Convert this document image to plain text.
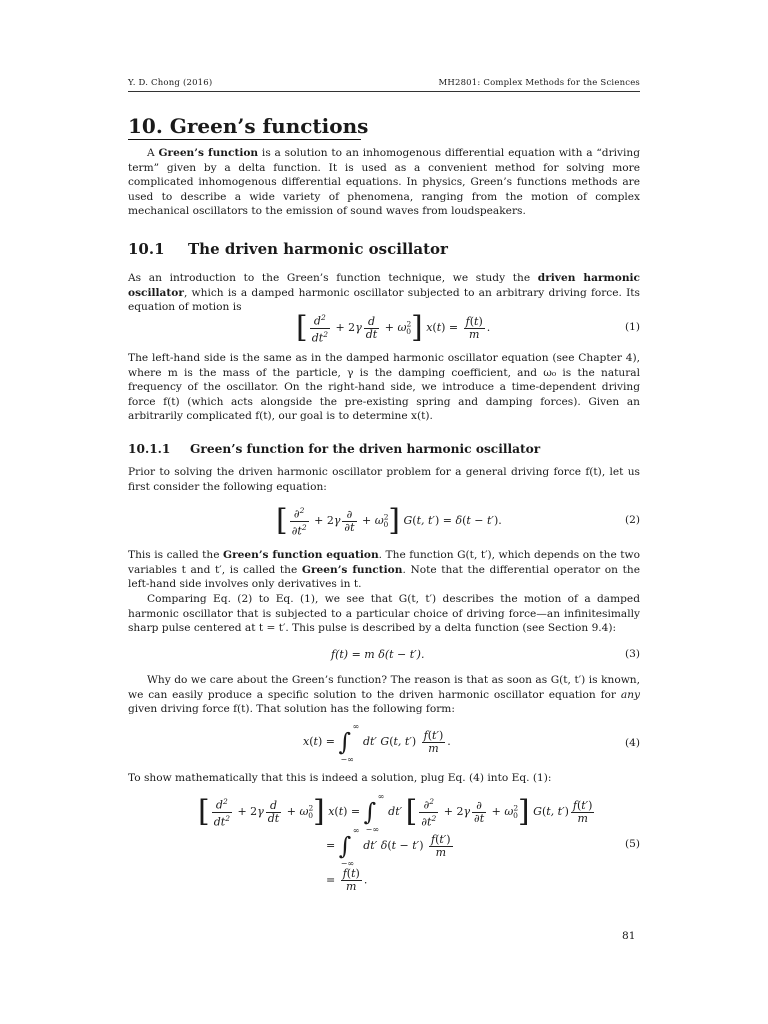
Y. D. Chong (2016)	MH2801: Complex Methods for the Sciences
10. Green’s functions

A Green’s function is a solution to an inhomogenous differential equation with a “driving term” given by a delta function. It is used as a convenient method for solving more complicated inhomogenous differential equations. In physics, Green’s functions methods are used to describe a wide variety of phenomena, ranging from the motion of complex mechanical oscillators to the emission of sound waves from loudspeakers.

10.1 The driven harmonic oscillator

As an introduction to the Green’s function technique, we study the driven harmonic oscillator, which is a damped harmonic oscillator subjected to an arbitrary driving force. Its equation of motion is

[ $\frac{d^2}{dt^2} + 2\gamma \frac{d}{dt} + \omega^2_0$] $x(t) = \frac{f(t)}{m}$ .	(1)

The left-hand side is the same as in the damped harmonic oscillator equation (see Chapter 4), where m is the mass of the particle, γ is the damping coefficient, and ω₀ is the natural frequency of the oscillator. On the right-hand side, we introduce a time-dependent driving force f(t) (which acts alongside the pre-existing spring and damping forces). Given an arbitrarily complicated f(t), our goal is to determine x(t).

10.1.1 Green’s function for the driven harmonic oscillator

Prior to solving the driven harmonic oscillator problem for a general driving force f(t), let us first consider the following equation:

[ $\frac{\partial^2}{\partial t^2} + 2\gamma \frac{\partial}{\partial t} + \omega^2_0$] G(t, t′) = δ(t − t′).	(2)

This is called the Green’s function equation. The function G(t, t′), which depends on the two variables t and t′, is called the Green’s function. Note that the differential operator on the left-hand side involves only derivatives in t.

Comparing Eq. (2) to Eq. (1), we see that G(t, t′) describes the motion of a damped harmonic oscillator that is subjected to a particular choice of driving force—an infinitesimally sharp pulse centered at t = t′. This pulse is described by a delta function (see Section 9.4):

f(t) = m δ(t − t′).	(3)

Why do we care about the Green’s function? The reason is that as soon as G(t, t′) is known, we can easily produce a specific solution to the driven harmonic oscillator equation for any given driving force f(t). That solution has the following form:

x(t) = ∫
∞
−∞
dt′ G(t, $t') \frac{f(t')}{m}$ .	(4)

To show mathematically that this is indeed a solution, plug Eq. (4) into Eq. (1):

[ $\frac{d^2}{dt^2} + 2\gamma \frac{d}{dt} + \omega^2_0$] x(t) = ∫
∞
−∞
dt′ [ $\frac{\partial^2}{\partial t^2} + 2\gamma \frac{\partial}{\partial t} + \omega^2_0$] G(t, $t') \frac{f(t')}{m}$
= ∫
∞
−∞
dt′ $\delta(t - t') \frac{f(t')}{m}$
= $\frac{f(t)}{m}$ .
(5)
81
